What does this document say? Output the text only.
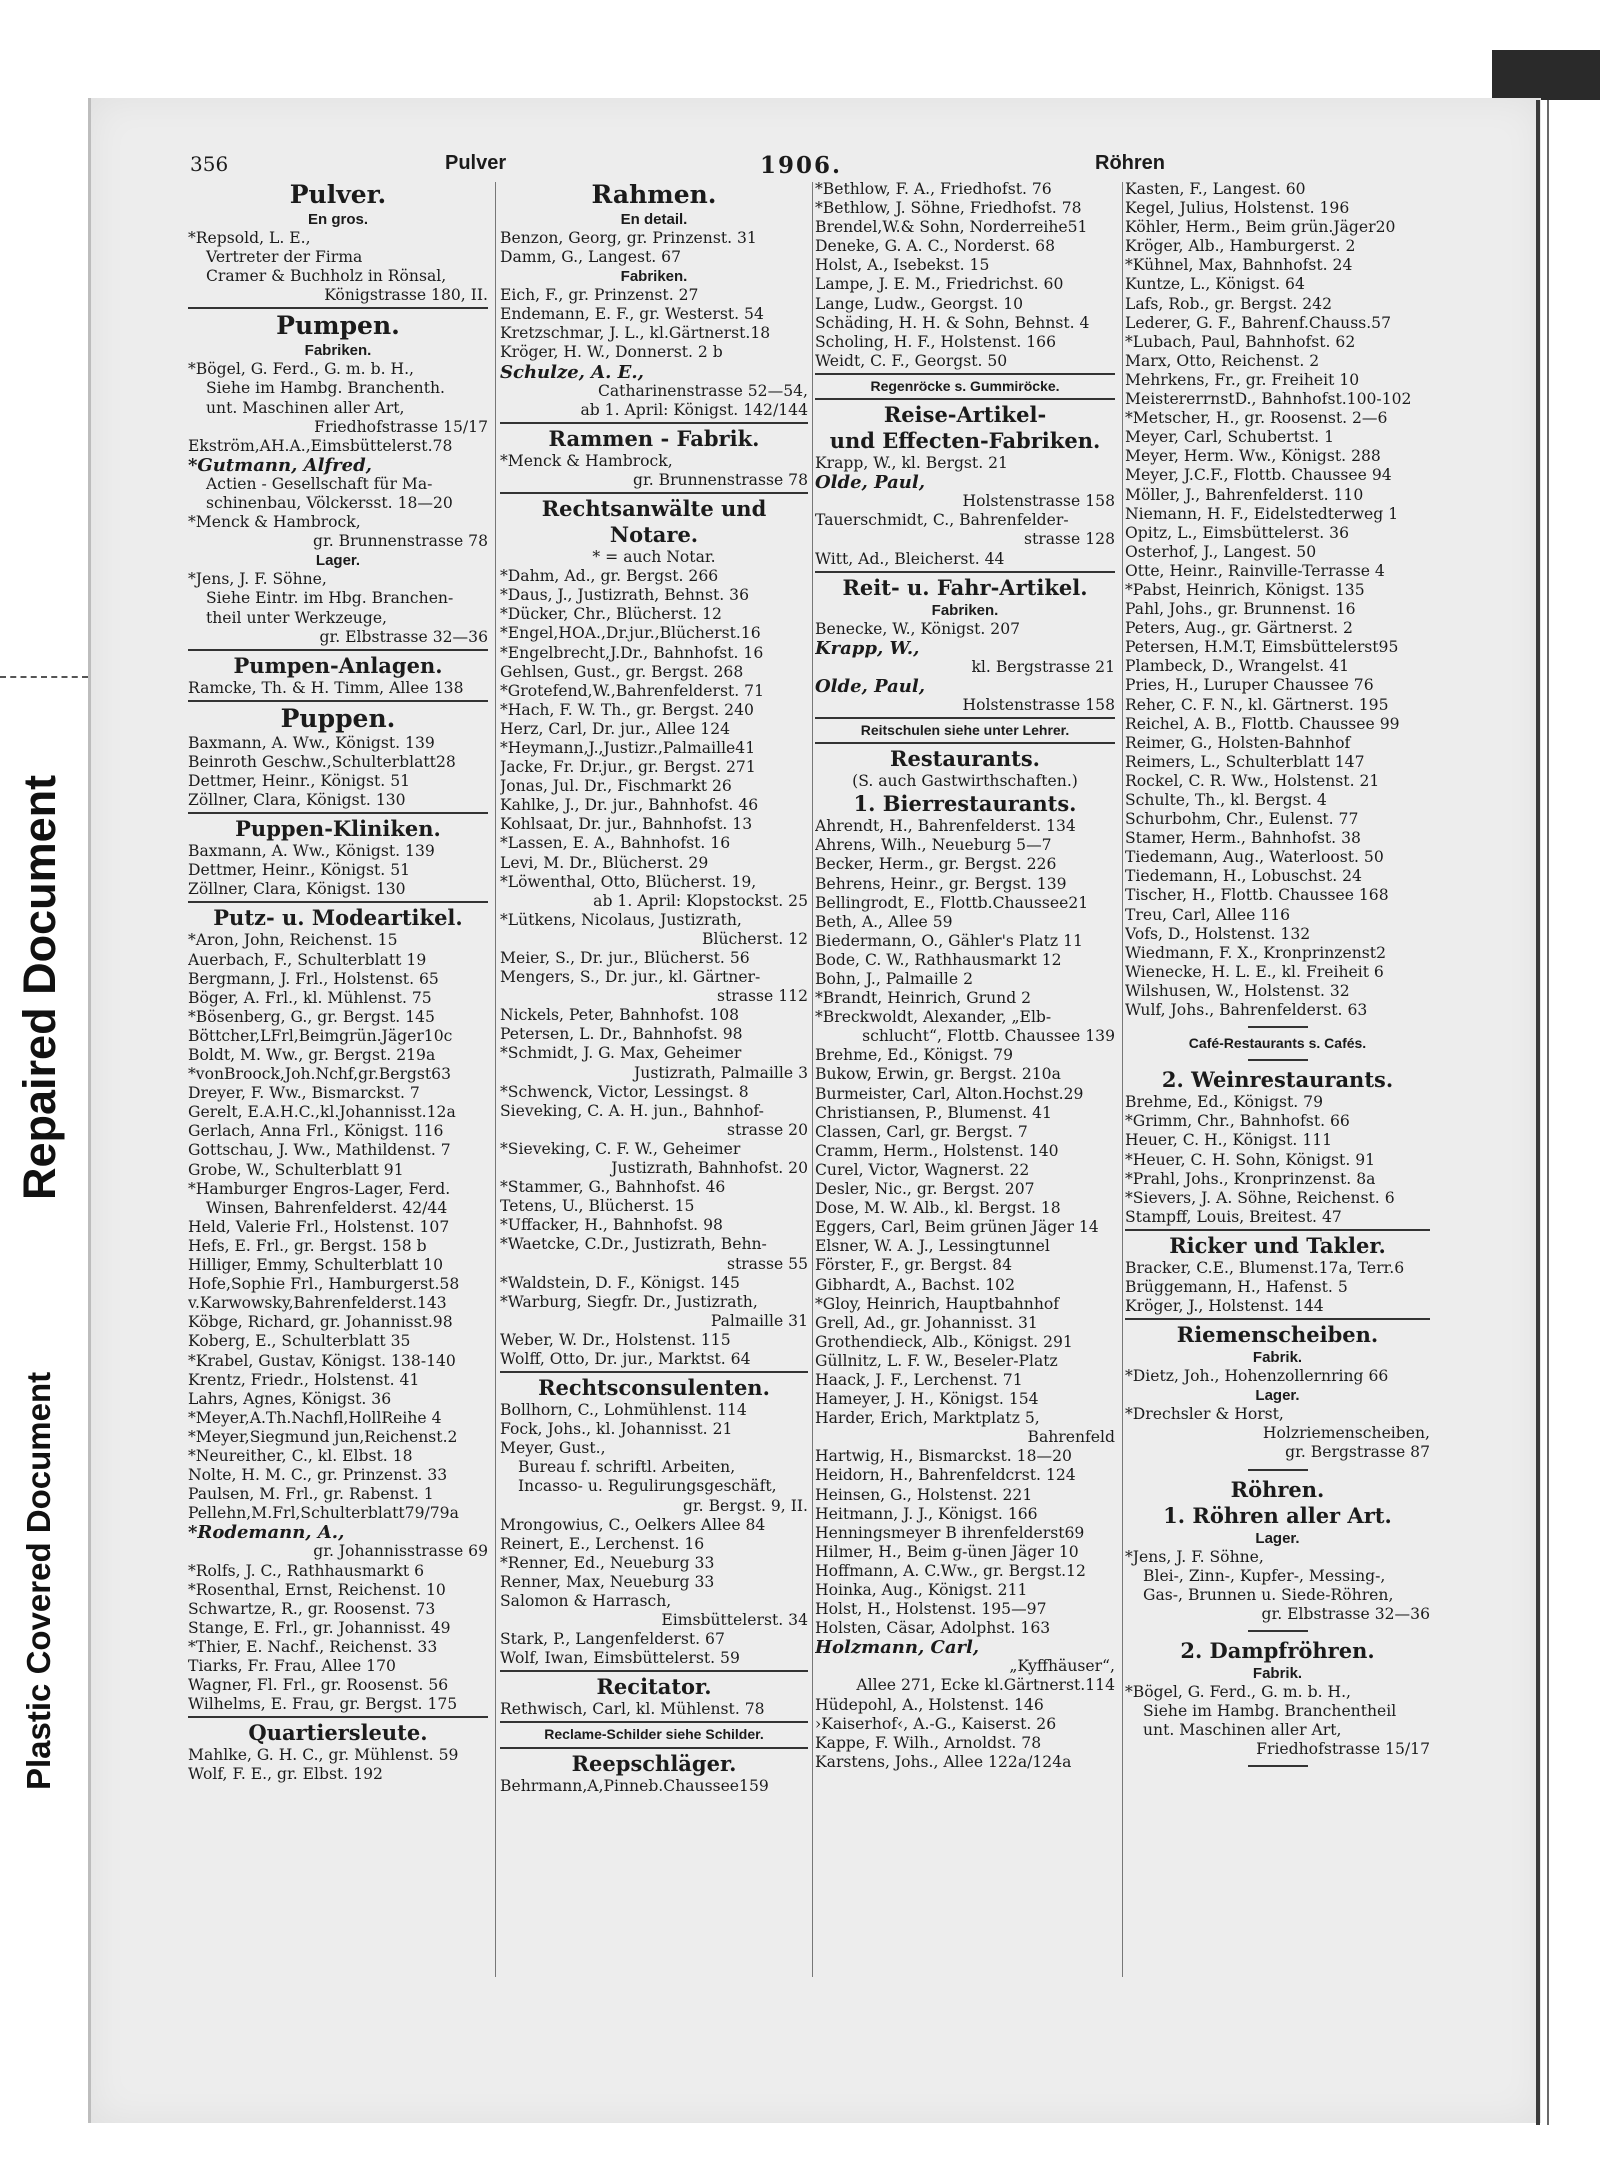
Repaired Document
Plastic Covered Document
356	Pulver	1906.	Röhren
Pulver.
En gros.
*Repsold, L. E.,
Vertreter der Firma
Cramer & Buchholz in Rönsal,
Königstrasse 180, II.
Pumpen.
Fabriken.
*Bögel, G. Ferd., G. m. b. H.,
Siehe im Hambg. Branchenth.
unt. Maschinen aller Art,
Friedhofstrasse 15/17
Ekström,AH.A.,Eimsbüttelerst.78
*Gutmann, Alfred,
Actien - Gesellschaft für Ma-
schinenbau, Völckersst. 18—20
*Menck & Hambrock,
gr. Brunnenstrasse 78
Lager.
*Jens, J. F. Söhne,
Siehe Eintr. im Hbg. Branchen-
theil unter Werkzeuge,
gr. Elbstrasse 32—36
Pumpen-Anlagen.
Ramcke, Th. & H. Timm, Allee 138
Puppen.
Baxmann, A. Ww., Königst. 139
Beinroth Geschw.,Schulterblatt28
Dettmer, Heinr., Königst. 51
Zöllner, Clara, Königst. 130
Puppen-Kliniken.
Baxmann, A. Ww., Königst. 139
Dettmer, Heinr., Königst. 51
Zöllner, Clara, Königst. 130
Putz- u. Modeartikel.
*Aron, John, Reichenst. 15
Auerbach, F., Schulterblatt 19
Bergmann, J. Frl., Holstenst. 65
Böger, A. Frl., kl. Mühlenst. 75
*Bösenberg, G., gr. Bergst. 145
Böttcher,LFrl,Beimgrün.Jäger10c
Boldt, M. Ww., gr. Bergst. 219a
*vonBroock,Joh.Nchf,gr.Bergst63
Dreyer, F. Ww., Bismarckst. 7
Gerelt, E.A.H.C.,kl.Johannisst.12a
Gerlach, Anna Frl., Königst. 116
Gottschau, J. Ww., Mathildenst. 7
Grobe, W., Schulterblatt 91
*Hamburger Engros-Lager, Ferd.
Winsen, Bahrenfelderst. 42/44
Held, Valerie Frl., Holstenst. 107
Hefs, E. Frl., gr. Bergst. 158 b
Hilliger, Emmy, Schulterblatt 10
Hofe,Sophie Frl., Hamburgerst.58
v.Karwowsky,Bahrenfelderst.143
Köbge, Richard, gr. Johannisst.98
Koberg, E., Schulterblatt 35
*Krabel, Gustav, Königst. 138-140
Krentz, Friedr., Holstenst. 41
Lahrs, Agnes, Königst. 36
*Meyer,A.Th.Nachfl,HollReihe 4
*Meyer,Siegmund jun,Reichenst.2
*Neureither, C., kl. Elbst. 18
Nolte, H. M. C., gr. Prinzenst. 33
Paulsen, M. Frl., gr. Rabenst. 1
Pellehn,M.Frl,Schulterblatt79/79a
*Rodemann, A.,
gr. Johannisstrasse 69
*Rolfs, J. C., Rathhausmarkt 6
*Rosenthal, Ernst, Reichenst. 10
Schwartze, R., gr. Roosenst. 73
Stange, E. Frl., gr. Johannisst. 49
*Thier, E. Nachf., Reichenst. 33
Tiarks, Fr. Frau, Allee 170
Wagner, Fl. Frl., gr. Roosenst. 56
Wilhelms, E. Frau, gr. Bergst. 175
Quartiersleute.
Mahlke, G. H. C., gr. Mühlenst. 59
Wolf, F. E., gr. Elbst. 192
Rahmen.
En detail.
Benzon, Georg, gr. Prinzenst. 31
Damm, G., Langest. 67
Fabriken.
Eich, F., gr. Prinzenst. 27
Endemann, E. F., gr. Westerst. 54
Kretzschmar, J. L., kl.Gärtnerst.18
Kröger, H. W., Donnerst. 2 b
Schulze, A. E.,
Catharinenstrasse 52—54,
ab 1. April: Königst. 142/144
Rammen - Fabrik.
*Menck & Hambrock,
gr. Brunnenstrasse 78
Rechtsanwälte und
Notare.
* = auch Notar.
*Dahm, Ad., gr. Bergst. 266
*Daus, J., Justizrath, Behnst. 36
*Dücker, Chr., Blücherst. 12
*Engel,HOA.,Dr.jur.,Blücherst.16
*Engelbrecht,J.Dr., Bahnhofst. 16
Gehlsen, Gust., gr. Bergst. 268
*Grotefend,W.,Bahrenfelderst. 71
*Hach, F. W. Th., gr. Bergst. 240
Herz, Carl, Dr. jur., Allee 124
*Heymann,J.,Justizr.,Palmaille41
Jacke, Fr. Dr.jur., gr. Bergst. 271
Jonas, Jul. Dr., Fischmarkt 26
Kahlke, J., Dr. jur., Bahnhofst. 46
Kohlsaat, Dr. jur., Bahnhofst. 13
*Lassen, E. A., Bahnhofst. 16
Levi, M. Dr., Blücherst. 29
*Löwenthal, Otto, Blücherst. 19,
ab 1. April: Klopstockst. 25
*Lütkens, Nicolaus, Justizrath,
Blücherst. 12
Meier, S., Dr. jur., Blücherst. 56
Mengers, S., Dr. jur., kl. Gärtner-
strasse 112
Nickels, Peter, Bahnhofst. 108
Petersen, L. Dr., Bahnhofst. 98
*Schmidt, J. G. Max, Geheimer
Justizrath, Palmaille 3
*Schwenck, Victor, Lessingst. 8
Sieveking, C. A. H. jun., Bahnhof-
strasse 20
*Sieveking, C. F. W., Geheimer
Justizrath, Bahnhofst. 20
*Stammer, G., Bahnhofst. 46
Tetens, U., Blücherst. 15
*Uffacker, H., Bahnhofst. 98
*Waetcke, C.Dr., Justizrath, Behn-
strasse 55
*Waldstein, D. F., Königst. 145
*Warburg, Siegfr. Dr., Justizrath,
Palmaille 31
Weber, W. Dr., Holstenst. 115
Wolff, Otto, Dr. jur., Marktst. 64
Rechtsconsulenten.
Bollhorn, C., Lohmühlenst. 114
Fock, Johs., kl. Johannisst. 21
Meyer, Gust.,
Bureau f. schriftl. Arbeiten,
Incasso- u. Regulirungsgeschäft,
gr. Bergst. 9, II.
Mrongowius, C., Oelkers Allee 84
Reinert, E., Lerchenst. 16
*Renner, Ed., Neueburg 33
Renner, Max, Neueburg 33
Salomon & Harrasch,
Eimsbüttelerst. 34
Stark, P., Langenfelderst. 67
Wolf, Iwan, Eimsbüttelerst. 59
Recitator.
Rethwisch, Carl, kl. Mühlenst. 78
Reclame-Schilder siehe Schilder.
Reepschläger.
Behrmann,A,Pinneb.Chaussee159
*Bethlow, F. A., Friedhofst. 76
*Bethlow, J. Söhne, Friedhofst. 78
Brendel,W.& Sohn, Norderreihe51
Deneke, G. A. C., Norderst. 68
Holst, A., Isebekst. 15
Lampe, J. E. M., Friedrichst. 60
Lange, Ludw., Georgst. 10
Schäding, H. H. & Sohn, Behnst. 4
Scholing, H. F., Holstenst. 166
Weidt, C. F., Georgst. 50
Regenröcke s. Gummiröcke.
Reise-Artikel-
und Effecten-Fabriken.
Krapp, W., kl. Bergst. 21
Olde, Paul,
Holstenstrasse 158
Tauerschmidt, C., Bahrenfelder-
strasse 128
Witt, Ad., Bleicherst. 44
Reit- u. Fahr-Artikel.
Fabriken.
Benecke, W., Königst. 207
Krapp, W.,
kl. Bergstrasse 21
Olde, Paul,
Holstenstrasse 158
Reitschulen siehe unter Lehrer.
Restaurants.
(S. auch Gastwirthschaften.)
1. Bierrestaurants.
Ahrendt, H., Bahrenfelderst. 134
Ahrens, Wilh., Neueburg 5—7
Becker, Herm., gr. Bergst. 226
Behrens, Heinr., gr. Bergst. 139
Bellingrodt, E., Flottb.Chaussee21
Beth, A., Allee 59
Biedermann, O., Gähler's Platz 11
Bode, C. W., Rathhausmarkt 12
Bohn, J., Palmaille 2
*Brandt, Heinrich, Grund 2
*Breckwoldt, Alexander, „Elb-
schlucht“, Flottb. Chaussee 139
Brehme, Ed., Königst. 79
Bukow, Erwin, gr. Bergst. 210a
Burmeister, Carl, Alton.Hochst.29
Christiansen, P., Blumenst. 41
Classen, Carl, gr. Bergst. 7
Cramm, Herm., Holstenst. 140
Curel, Victor, Wagnerst. 22
Desler, Nic., gr. Bergst. 207
Dose, M. W. Alb., kl. Bergst. 18
Eggers, Carl, Beim grünen Jäger 14
Elsner, W. A. J., Lessingtunnel
Förster, F., gr. Bergst. 84
Gibhardt, A., Bachst. 102
*Gloy, Heinrich, Hauptbahnhof
Grell, Ad., gr. Johannisst. 31
Grothendieck, Alb., Königst. 291
Güllnitz, L. F. W., Beseler-Platz
Haack, J. F., Lerchenst. 71
Hameyer, J. H., Königst. 154
Harder, Erich, Marktplatz 5,
Bahrenfeld
Hartwig, H., Bismarckst. 18—20
Heidorn, H., Bahrenfeldcrst. 124
Heinsen, G., Holstenst. 221
Heitmann, J. J., Königst. 166
Henningsmeyer B ihrenfelderst69
Hilmer, H., Beim g-ünen Jäger 10
Hoffmann, A. C.Ww., gr. Bergst.12
Hoinka, Aug., Königst. 211
Holst, H., Holstenst. 195—97
Holsten, Cäsar, Adolphst. 163
Holzmann, Carl,
„Kyffhäuser“,
Allee 271, Ecke kl.Gärtnerst.114
Hüdepohl, A., Holstenst. 146
›Kaiserhof‹, A.-G., Kaiserst. 26
Kappe, F. Wilh., Arnoldst. 78
Karstens, Johs., Allee 122a/124a
Kasten, F., Langest. 60
Kegel, Julius, Holstenst. 196
Köhler, Herm., Beim grün.Jäger20
Kröger, Alb., Hamburgerst. 2
*Kühnel, Max, Bahnhofst. 24
Kuntze, L., Königst. 64
Lafs, Rob., gr. Bergst. 242
Lederer, G. F., Bahrenf.Chauss.57
*Lubach, Paul, Bahnhofst. 62
Marx, Otto, Reichenst. 2
Mehrkens, Fr., gr. Freiheit 10
MeistererrnstD., Bahnhofst.100-102
*Metscher, H., gr. Roosenst. 2—6
Meyer, Carl, Schubertst. 1
Meyer, Herm. Ww., Königst. 288
Meyer, J.C.F., Flottb. Chaussee 94
Möller, J., Bahrenfelderst. 110
Niemann, H. F., Eidelstedterweg 1
Opitz, L., Eimsbüttelerst. 36
Osterhof, J., Langest. 50
Otte, Heinr., Rainville-Terrasse 4
*Pabst, Heinrich, Königst. 135
Pahl, Johs., gr. Brunnenst. 16
Peters, Aug., gr. Gärtnerst. 2
Petersen, H.M.T, Eimsbüttelerst95
Plambeck, D., Wrangelst. 41
Pries, H., Luruper Chaussee 76
Reher, C. F. N., kl. Gärtnerst. 195
Reichel, A. B., Flottb. Chaussee 99
Reimer, G., Holsten-Bahnhof
Reimers, L., Schulterblatt 147
Rockel, C. R. Ww., Holstenst. 21
Schulte, Th., kl. Bergst. 4
Schurbohm, Chr., Eulenst. 77
Stamer, Herm., Bahnhofst. 38
Tiedemann, Aug., Waterloost. 50
Tiedemann, H., Lobuschst. 24
Tischer, H., Flottb. Chaussee 168
Treu, Carl, Allee 116
Vofs, D., Holstenst. 132
Wiedmann, F. X., Kronprinzenst2
Wienecke, H. L. E., kl. Freiheit 6
Wilshusen, W., Holstenst. 32
Wulf, Johs., Bahrenfelderst. 63
Café-Restaurants s. Cafés.
2. Weinrestaurants.
Brehme, Ed., Königst. 79
*Grimm, Chr., Bahnhofst. 66
Heuer, C. H., Königst. 111
*Heuer, C. H. Sohn, Königst. 91
*Prahl, Johs., Kronprinzenst. 8a
*Sievers, J. A. Söhne, Reichenst. 6
Stampff, Louis, Breitest. 47
Ricker und Takler.
Bracker, C.E., Blumenst.17a, Terr.6
Brüggemann, H., Hafenst. 5
Kröger, J., Holstenst. 144
Riemenscheiben.
Fabrik.
*Dietz, Joh., Hohenzollernring 66
Lager.
*Drechsler & Horst,
Holzriemenscheiben,
gr. Bergstrasse 87
Röhren.
1. Röhren aller Art.
Lager.
*Jens, J. F. Söhne,
Blei-, Zinn-, Kupfer-, Messing-,
Gas-, Brunnen u. Siede-Röhren,
gr. Elbstrasse 32—36
2. Dampfröhren.
Fabrik.
*Bögel, G. Ferd., G. m. b. H.,
Siehe im Hambg. Branchentheil
unt. Maschinen aller Art,
Friedhofstrasse 15/17
